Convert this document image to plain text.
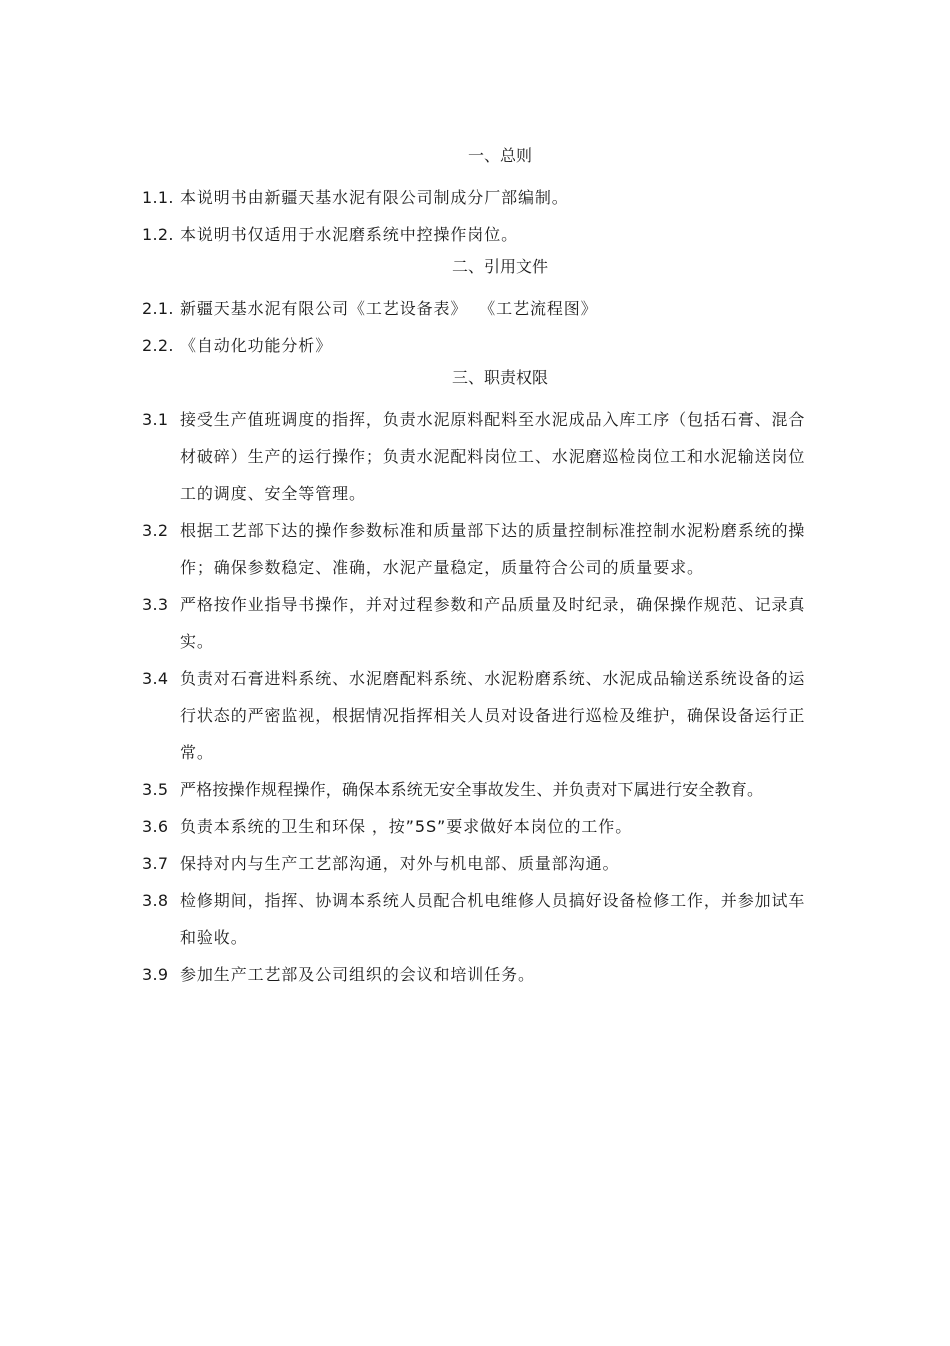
一、总则
1.1. 本说明书由新疆天基水泥有限公司制成分厂部编制。
1.2. 本说明书仅适用于水泥磨系统中控操作岗位。
二、引用文件
2.1. 新疆天基水泥有限公司《工艺设备表》  《工艺流程图》
2.2. 《自动化功能分析》
三、职责权限
3.1 接受生产值班调度的指挥，负责水泥原料配料至水泥成品入库工序（包括石膏、混合材破碎）生产的运行操作；负责水泥配料岗位工、水泥磨巡检岗位工和水泥输送岗位工的调度、安全等管理。
3.2 根据工艺部下达的操作参数标准和质量部下达的质量控制标准控制水泥粉磨系统的操作；确保参数稳定、准确，水泥产量稳定，质量符合公司的质量要求。
3.3 严格按作业指导书操作，并对过程参数和产品质量及时纪录，确保操作规范、记录真实。
3.4 负责对石膏进料系统、水泥磨配料系统、水泥粉磨系统、水泥成品输送系统设备的运行状态的严密监视，根据情况指挥相关人员对设备进行巡检及维护，确保设备运行正常。
3.5 严格按操作规程操作，确保本系统无安全事故发生、并负责对下属进行安全教育。
3.6 负责本系统的卫生和环保 ，按”5S”要求做好本岗位的工作。
3.7 保持对内与生产工艺部沟通，对外与机电部、质量部沟通。
3.8 检修期间，指挥、协调本系统人员配合机电维修人员搞好设备检修工作，并参加试车和验收。
3.9 参加生产工艺部及公司组织的会议和培训任务。
